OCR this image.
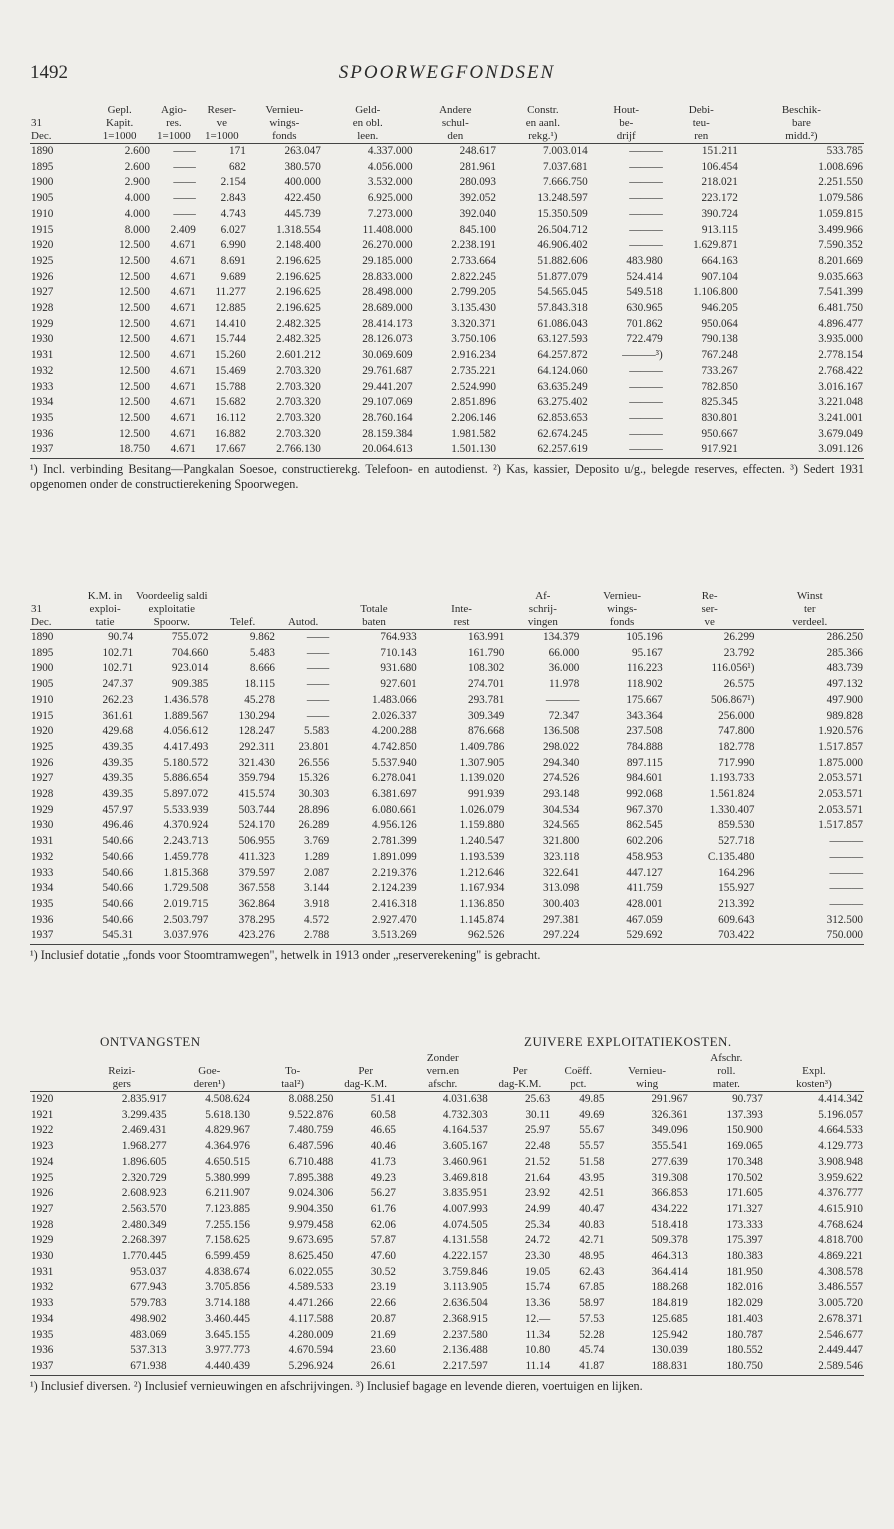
1492	SPOORWEGFONDSEN
	Gepl.	Agio-	Reser-	Vernieu-	Geld-	Andere	Constr.	Hout-	Debi-	Beschik-
31	Kapit.	res.	ve	wings-	en obl.	schul-	en aanl.	be-	teu-	bare
Dec.	1=1000	1=1000	1=1000	fonds	leen.	den	rekg.¹)	drijf	ren	midd.²)
1890	2.600	——	171	263.047	4.337.000	248.617	7.003.014	———	151.211	533.785
1895	2.600	——	682	380.570	4.056.000	281.961	7.037.681	———	106.454	1.008.696
1900	2.900	——	2.154	400.000	3.532.000	280.093	7.666.750	———	218.021	2.251.550
1905	4.000	——	2.843	422.450	6.925.000	392.052	13.248.597	———	223.172	1.079.586
1910	4.000	——	4.743	445.739	7.273.000	392.040	15.350.509	———	390.724	1.059.815
1915	8.000	2.409	6.027	1.318.554	11.408.000	845.100	26.504.712	———	913.115	3.499.966
1920	12.500	4.671	6.990	2.148.400	26.270.000	2.238.191	46.906.402	———	1.629.871	7.590.352
1925	12.500	4.671	8.691	2.196.625	29.185.000	2.733.664	51.882.606	483.980	664.163	8.201.669
1926	12.500	4.671	9.689	2.196.625	28.833.000	2.822.245	51.877.079	524.414	907.104	9.035.663
1927	12.500	4.671	11.277	2.196.625	28.498.000	2.799.205	54.565.045	549.518	1.106.800	7.541.399
1928	12.500	4.671	12.885	2.196.625	28.689.000	3.135.430	57.843.318	630.965	946.205	6.481.750
1929	12.500	4.671	14.410	2.482.325	28.414.173	3.320.371	61.086.043	701.862	950.064	4.896.477
1930	12.500	4.671	15.744	2.482.325	28.126.073	3.750.106	63.127.593	722.479	790.138	3.935.000
1931	12.500	4.671	15.260	2.601.212	30.069.609	2.916.234	64.257.872	———³)	767.248	2.778.154
1932	12.500	4.671	15.469	2.703.320	29.761.687	2.735.221	64.124.060	———	733.267	2.768.422
1933	12.500	4.671	15.788	2.703.320	29.441.207	2.524.990	63.635.249	———	782.850	3.016.167
1934	12.500	4.671	15.682	2.703.320	29.107.069	2.851.896	63.275.402	———	825.345	3.221.048
1935	12.500	4.671	16.112	2.703.320	28.760.164	2.206.146	62.853.653	———	830.801	3.241.001
1936	12.500	4.671	16.882	2.703.320	28.159.384	1.981.582	62.674.245	———	950.667	3.679.049
1937	18.750	4.671	17.667	2.766.130	20.064.613	1.501.130	62.257.619	———	917.921	3.091.126
¹) Incl. verbinding Besitang—Pangkalan Soesoe, constructierekg. Telefoon- en autodienst. ²) Kas, kassier, Deposito u/g., belegde reserves, effecten. ³) Sedert 1931 opgenomen onder de constructierekening Spoorwegen.
	K.M. in	Voordeelig saldi					Af-	Vernieu-	Re-	Winst
31	exploi-	exploitatie			Totale	Inte-	schrij-	wings-	ser-	ter
Dec.	tatie	Spoorw.	Telef.	Autod.	baten	rest	vingen	fonds	ve	verdeel.
1890	90.74	755.072	9.862	——	764.933	163.991	134.379	105.196	26.299	286.250
1895	102.71	704.660	5.483	——	710.143	161.790	66.000	95.167	23.792	285.366
1900	102.71	923.014	8.666	——	931.680	108.302	36.000	116.223	116.056¹)	483.739
1905	247.37	909.385	18.115	——	927.601	274.701	11.978	118.902	26.575	497.132
1910	262.23	1.436.578	45.278	——	1.483.066	293.781	———	175.667	506.867¹)	497.900
1915	361.61	1.889.567	130.294	——	2.026.337	309.349	72.347	343.364	256.000	989.828
1920	429.68	4.056.612	128.247	5.583	4.200.288	876.668	136.508	237.508	747.800	1.920.576
1925	439.35	4.417.493	292.311	23.801	4.742.850	1.409.786	298.022	784.888	182.778	1.517.857
1926	439.35	5.180.572	321.430	26.556	5.537.940	1.307.905	294.340	897.115	717.990	1.875.000
1927	439.35	5.886.654	359.794	15.326	6.278.041	1.139.020	274.526	984.601	1.193.733	2.053.571
1928	439.35	5.897.072	415.574	30.303	6.381.697	991.939	293.148	992.068	1.561.824	2.053.571
1929	457.97	5.533.939	503.744	28.896	6.080.661	1.026.079	304.534	967.370	1.330.407	2.053.571
1930	496.46	4.370.924	524.170	26.289	4.956.126	1.159.880	324.565	862.545	859.530	1.517.857
1931	540.66	2.243.713	506.955	3.769	2.781.399	1.240.547	321.800	602.206	527.718	———
1932	540.66	1.459.778	411.323	1.289	1.891.099	1.193.539	323.118	458.953	C.135.480	———
1933	540.66	1.815.368	379.597	2.087	2.219.376	1.212.646	322.641	447.127	164.296	———
1934	540.66	1.729.508	367.558	3.144	2.124.239	1.167.934	313.098	411.759	155.927	———
1935	540.66	2.019.715	362.864	3.918	2.416.318	1.136.850	300.403	428.001	213.392	———
1936	540.66	2.503.797	378.295	4.572	2.927.470	1.145.874	297.381	467.059	609.643	312.500
1937	545.31	3.037.976	423.276	2.788	3.513.269	962.526	297.224	529.692	703.422	750.000
¹) Inclusief dotatie „fonds voor Stoomtramwegen", hetwelk in 1913 onder „reserverekening" is gebracht.
ONTVANGSTEN	ZUIVERE EXPLOITATIEKOSTEN.
					Zonder				Afschr.	
	Reizi-	Goe-	To-	Per	vern.en	Per	Coëff.	Vernieu-	roll.	Expl.
	gers	deren¹)	taal²)	dag-K.M.	afschr.	dag-K.M.	pct.	wing	mater.	kosten³)
1920	2.835.917	4.508.624	8.088.250	51.41	4.031.638	25.63	49.85	291.967	90.737	4.414.342
1921	3.299.435	5.618.130	9.522.876	60.58	4.732.303	30.11	49.69	326.361	137.393	5.196.057
1922	2.469.431	4.829.967	7.480.759	46.65	4.164.537	25.97	55.67	349.096	150.900	4.664.533
1923	1.968.277	4.364.976	6.487.596	40.46	3.605.167	22.48	55.57	355.541	169.065	4.129.773
1924	1.896.605	4.650.515	6.710.488	41.73	3.460.961	21.52	51.58	277.639	170.348	3.908.948
1925	2.320.729	5.380.999	7.895.388	49.23	3.469.818	21.64	43.95	319.308	170.502	3.959.622
1926	2.608.923	6.211.907	9.024.306	56.27	3.835.951	23.92	42.51	366.853	171.605	4.376.777
1927	2.563.570	7.123.885	9.904.350	61.76	4.007.993	24.99	40.47	434.222	171.327	4.615.910
1928	2.480.349	7.255.156	9.979.458	62.06	4.074.505	25.34	40.83	518.418	173.333	4.768.624
1929	2.268.397	7.158.625	9.673.695	57.87	4.131.558	24.72	42.71	509.378	175.397	4.818.700
1930	1.770.445	6.599.459	8.625.450	47.60	4.222.157	23.30	48.95	464.313	180.383	4.869.221
1931	953.037	4.838.674	6.022.055	30.52	3.759.846	19.05	62.43	364.414	181.950	4.308.578
1932	677.943	3.705.856	4.589.533	23.19	3.113.905	15.74	67.85	188.268	182.016	3.486.557
1933	579.783	3.714.188	4.471.266	22.66	2.636.504	13.36	58.97	184.819	182.029	3.005.720
1934	498.902	3.460.445	4.117.588	20.87	2.368.915	12.—	57.53	125.685	181.403	2.678.371
1935	483.069	3.645.155	4.280.009	21.69	2.237.580	11.34	52.28	125.942	180.787	2.546.677
1936	537.313	3.977.773	4.670.594	23.60	2.136.488	10.80	45.74	130.039	180.552	2.449.447
1937	671.938	4.440.439	5.296.924	26.61	2.217.597	11.14	41.87	188.831	180.750	2.589.546
¹) Inclusief diversen. ²) Inclusief vernieuwingen en afschrijvingen. ³) Inclusief bagage en levende dieren, voertuigen en lijken.
